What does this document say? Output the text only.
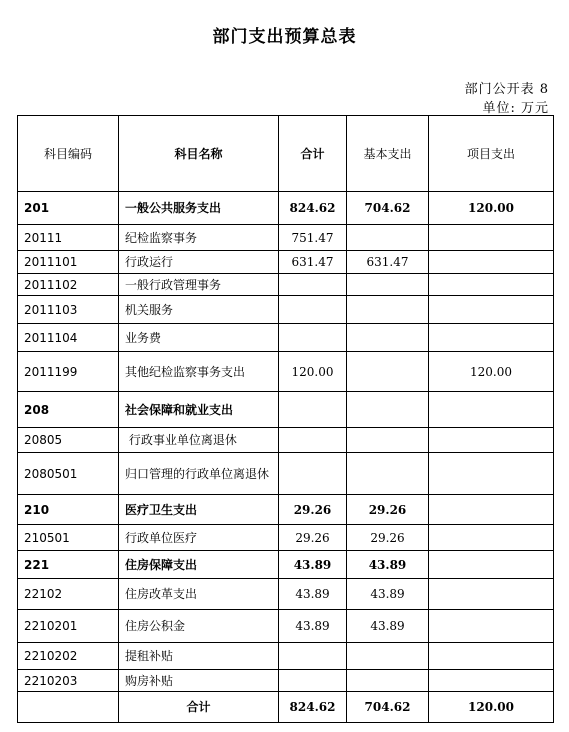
部门支出预算总表
部门公开表 8
单位: 万元
科目编码	科目名称	合计	基本支出	项目支出
201	一般公共服务支出	824.62	704.62	120.00
20111	纪检监察事务	751.47		
2011101	行政运行	631.47	631.47	
2011102	一般行政管理事务			
2011103	机关服务			
2011104	业务费			
2011199	其他纪检监察事务支出	120.00		120.00
208	社会保障和就业支出			
20805	行政事业单位离退休			
2080501	归口管理的行政单位离退休			
210	医疗卫生支出	29.26	29.26	
210501	行政单位医疗	29.26	29.26	
221	住房保障支出	43.89	43.89	
22102	住房改革支出	43.89	43.89	
2210201	住房公积金	43.89	43.89	
2210202	提租补贴			
2210203	购房补贴			
	合计	824.62	704.62	120.00
